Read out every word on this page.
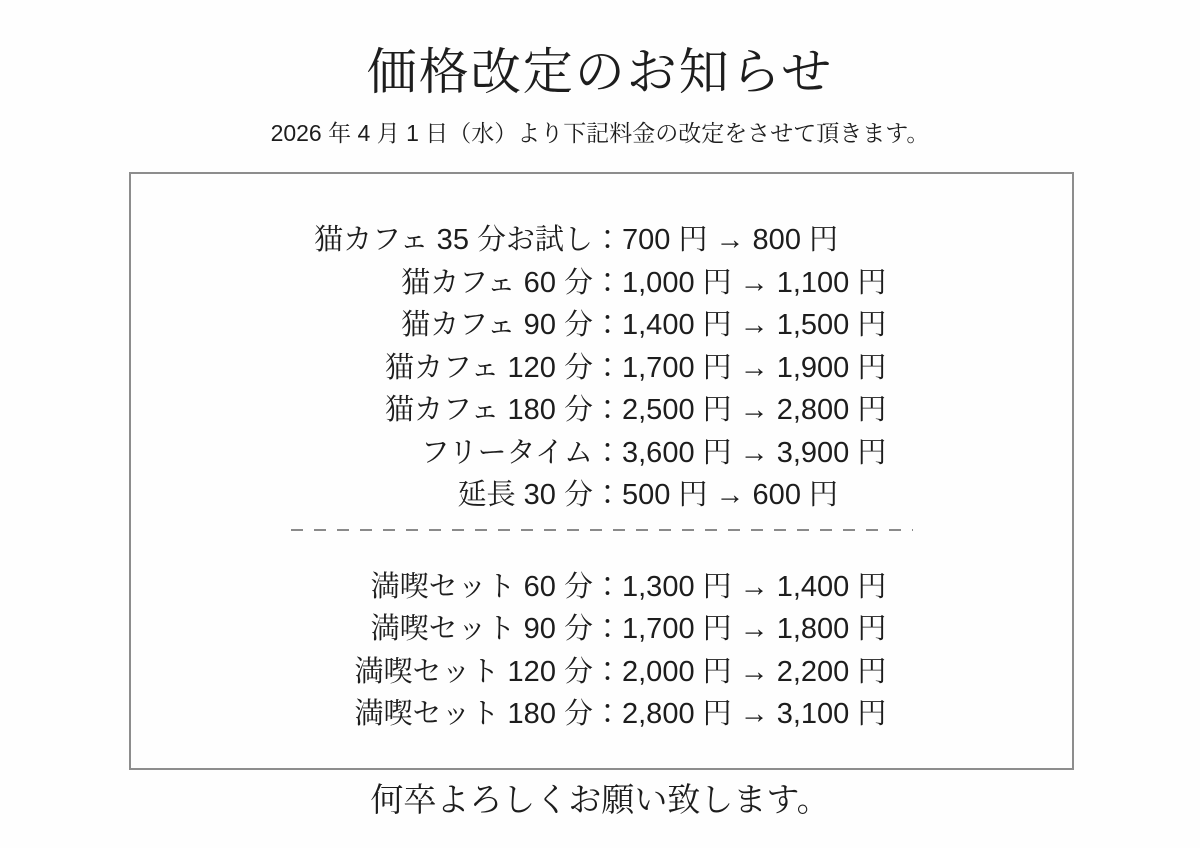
価格改定のお知らせ

2026 年 4 月 1 日（水）より下記料金の改定をさせて頂きます。

猫カフェ 35 分お試し： 700 円 → 800 円
猫カフェ 60 分： 1,000 円 → 1,100 円
猫カフェ 90 分： 1,400 円 → 1,500 円
猫カフェ 120 分： 1,700 円 → 1,900 円
猫カフェ 180 分： 2,500 円 → 2,800 円
フリータイム： 3,600 円 → 3,900 円
延長 30 分： 500 円 → 600 円
満喫セット 60 分： 1,300 円 → 1,400 円
満喫セット 90 分： 1,700 円 → 1,800 円
満喫セット 120 分： 2,000 円 → 2,200 円
満喫セット 180 分： 2,800 円 → 3,100 円

何卒よろしくお願い致します。
